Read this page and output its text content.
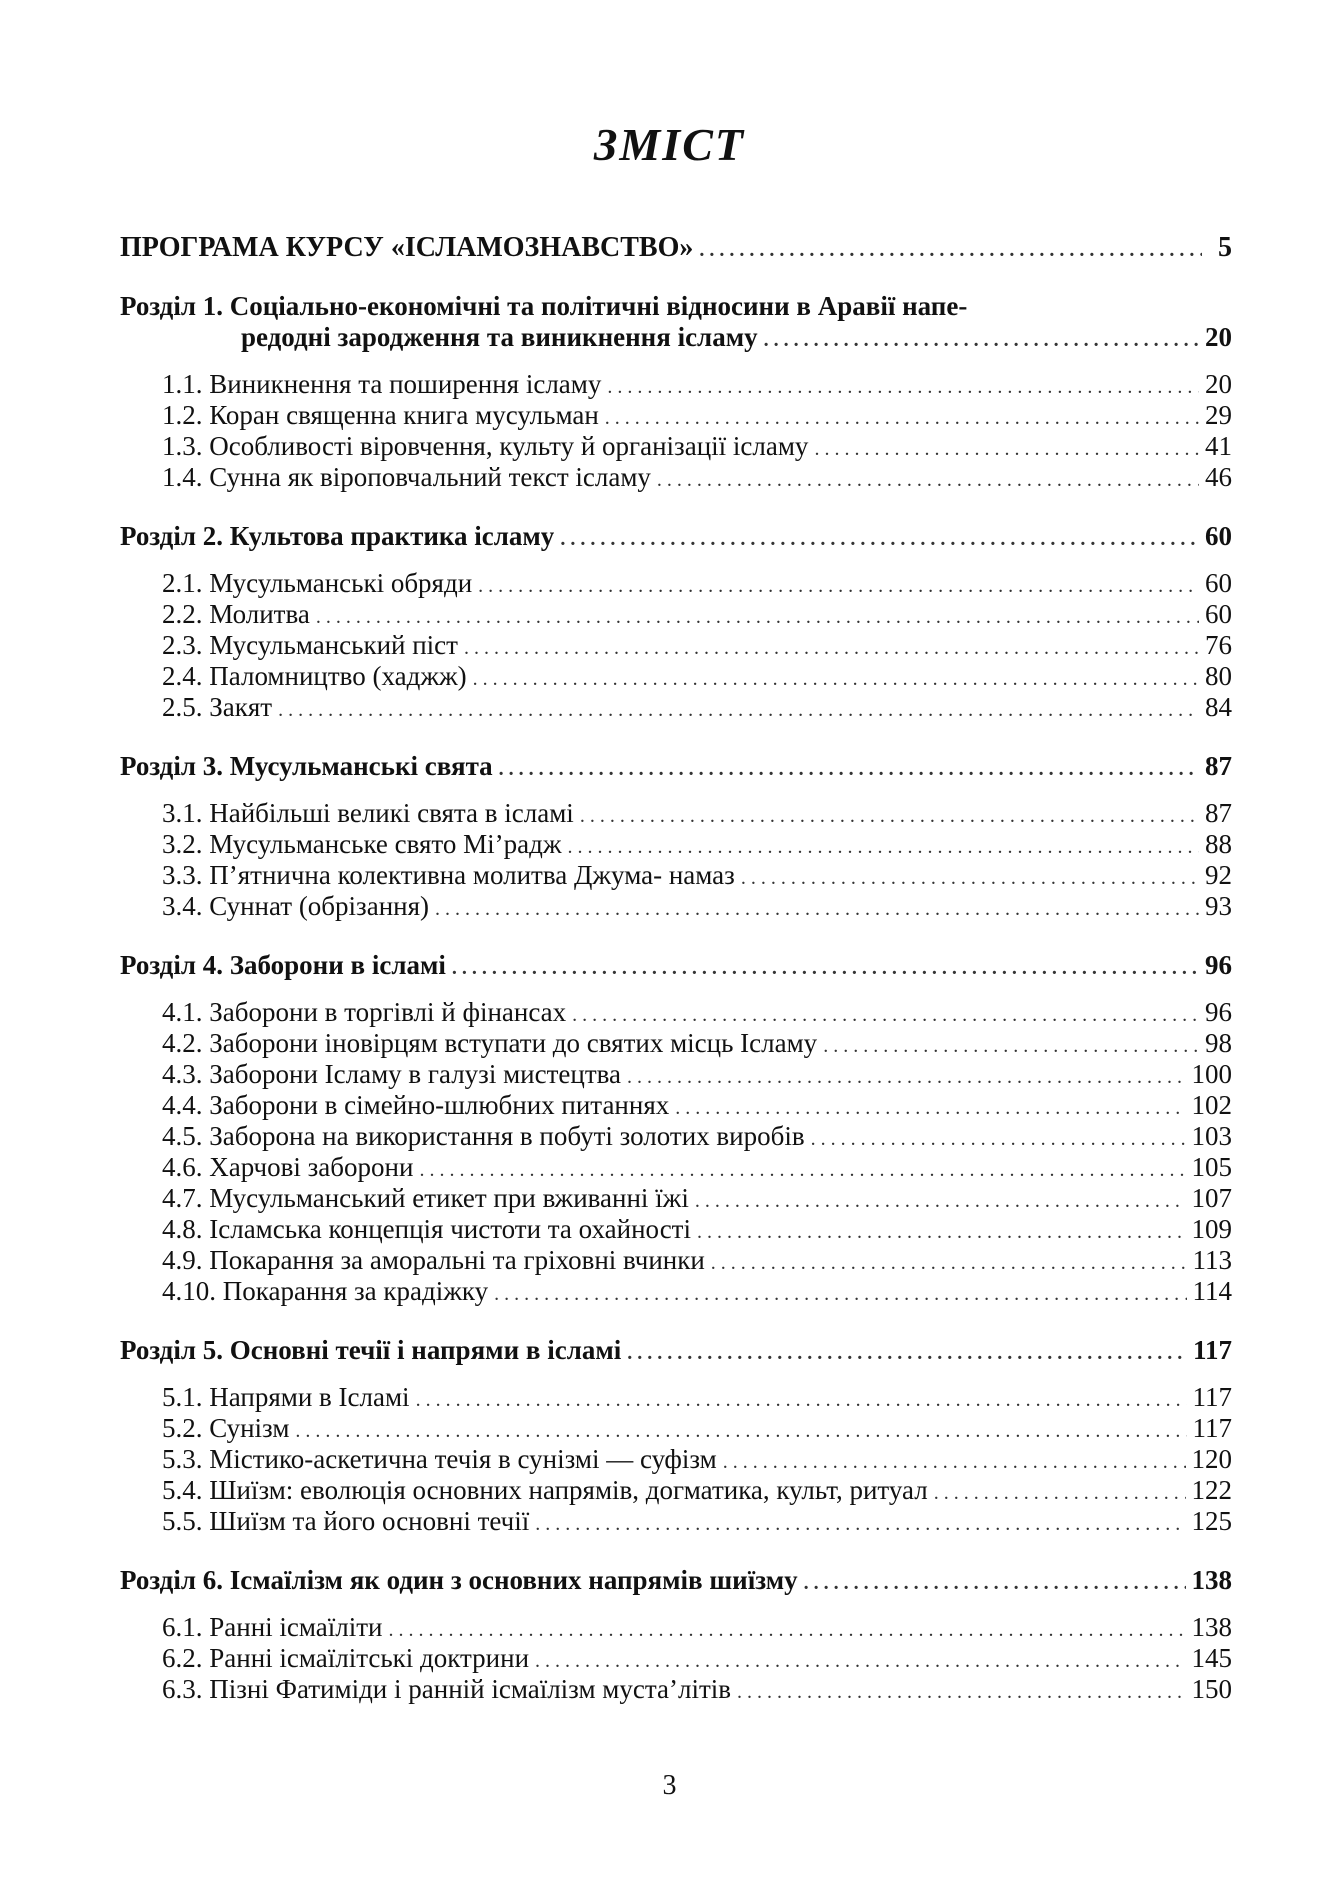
ЗМІСТ
ПРОГРАМА КУРСУ «ІСЛАМОЗНАВСТВО» . . .	5
Розділ 1. Соціально-економічні та політичні відносини в Аравії напе-
редодні зародження та виникнення ісламу . . .	20
1.1. Виникнення та поширення ісламу . . .	20
1.2. Коран священна книга мусульман . . .	29
1.3. Особливості віровчення, культу й організації ісламу . . .	41
1.4. Сунна як віроповчальний текст ісламу . . .	46
Розділ 2. Культова практика ісламу . . .	60
2.1. Мусульманські обряди . . .	60
2.2. Молитва . . .	60
2.3. Мусульманський піст . . .	76
2.4. Паломництво (хаджж) . . .	80
2.5. Закят . . .	84
Розділ 3. Мусульманські свята . . .	87
3.1. Найбільші великі свята в ісламі . . .	87
3.2. Мусульманське свято Мі’радж . . .	88
3.3. П’ятнична колективна молитва Джума- намаз . . .	92
3.4. Суннат (обрізання) . . .	93
Розділ 4. Заборони в ісламі . . .	96
4.1. Заборони в торгівлі й фінансах . . .	96
4.2. Заборони іновірцям вступати до святих місць Ісламу . . .	98
4.3. Заборони Ісламу в галузі мистецтва . . .	100
4.4. Заборони в сімейно-шлюбних питаннях . . .	102
4.5. Заборона на використання в побуті золотих виробів . . .	103
4.6. Харчові заборони . . .	105
4.7. Мусульманський етикет при вживанні їжі . . .	107
4.8. Ісламська концепція чистоти та охайності . . .	109
4.9. Покарання за аморальні та гріховні вчинки . . .	113
4.10. Покарання за крадіжку . . .	114
Розділ 5. Основні течії і напрями в ісламі . . .	117
5.1. Напрями в Ісламі . . .	117
5.2. Сунізм . . .	117
5.3. Містико-аскетична течія в сунізмі — суфізм . . .	120
5.4. Шиїзм: еволюція основних напрямів, догматика, культ, ритуал . . .	122
5.5. Шиїзм та його основні течії . . .	125
Розділ 6. Ісмаїлізм як один з основних напрямів шиїзму . . .	138
6.1. Ранні ісмаїліти . . .	138
6.2. Ранні ісмаїлітські доктрини . . .	145
6.3. Пізні Фатиміди і ранній ісмаїлізм муста’літів . . .	150
3
